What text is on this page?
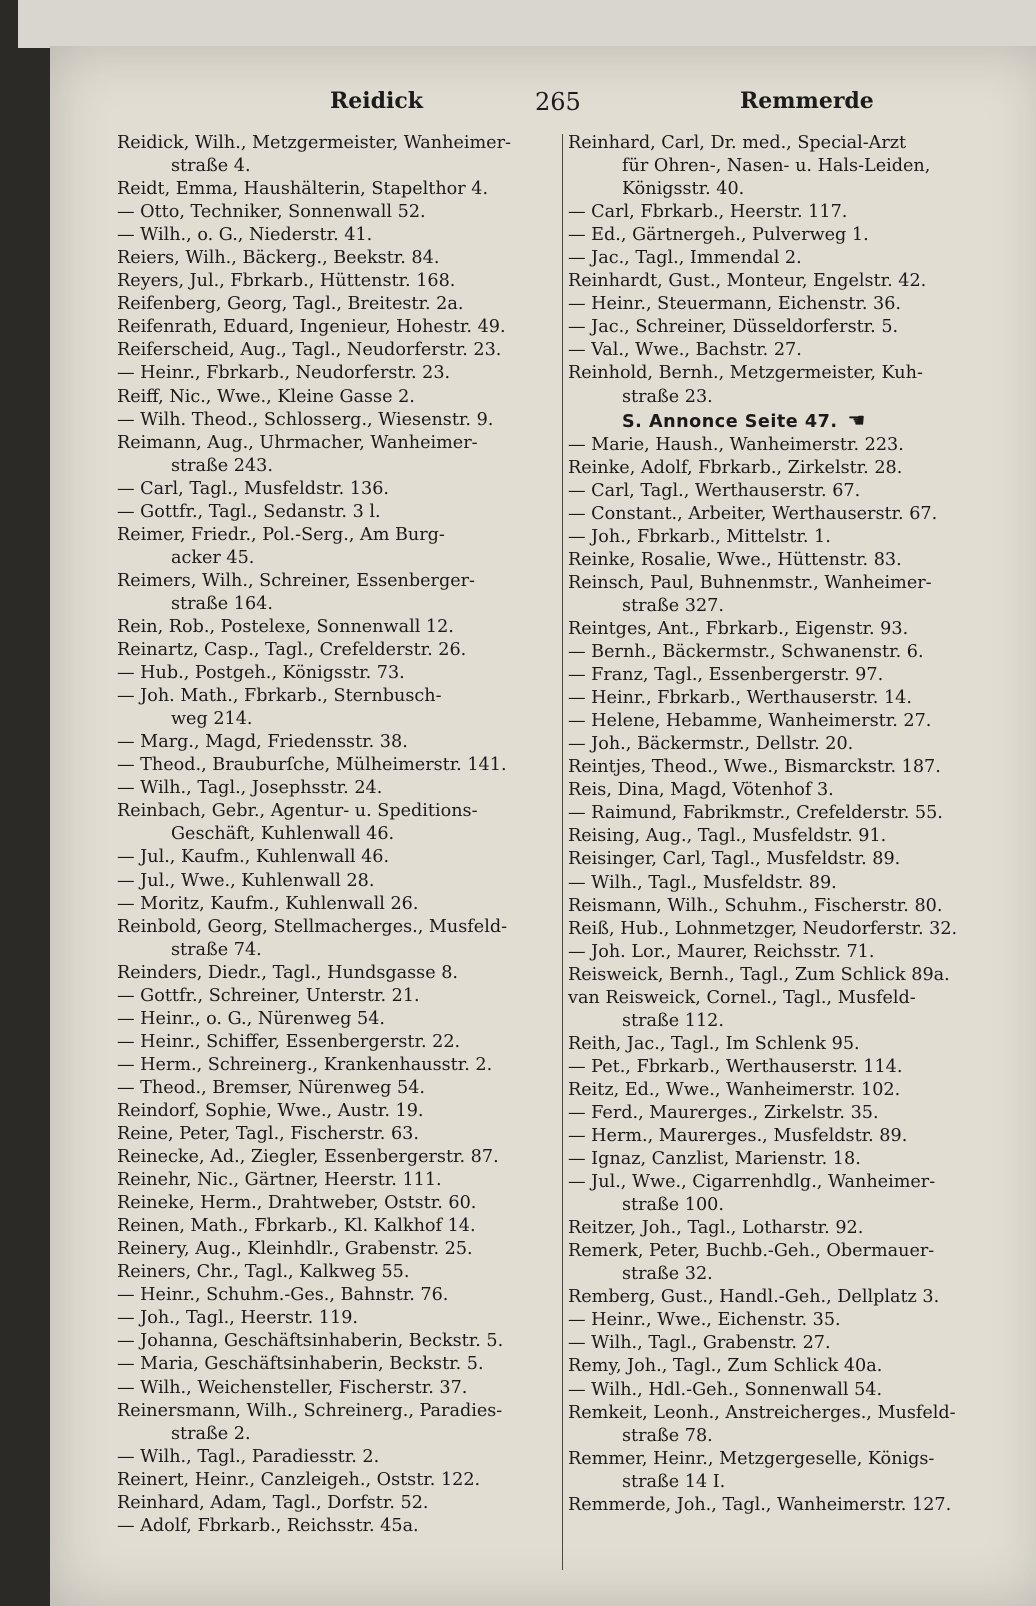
Reidick	265	Remmerde
Reidick, Wilh., Metzgermeister, Wanheimer-
straße 4.
Reidt, Emma, Haushälterin, Stapelthor 4.
— Otto, Techniker, Sonnenwall 52.
— Wilh., o. G., Niederstr. 41.
Reiers, Wilh., Bäckerg., Beekstr. 84.
Reyers, Jul., Fbrkarb., Hüttenstr. 168.
Reifenberg, Georg, Tagl., Breitestr. 2a.
Reifenrath, Eduard, Ingenieur, Hohestr. 49.
Reiferscheid, Aug., Tagl., Neudorferstr. 23.
— Heinr., Fbrkarb., Neudorferstr. 23.
Reiff, Nic., Wwe., Kleine Gasse 2.
— Wilh. Theod., Schlosserg., Wiesenstr. 9.
Reimann, Aug., Uhrmacher, Wanheimer-
straße 243.
— Carl, Tagl., Musfeldstr. 136.
— Gottfr., Tagl., Sedanstr. 3 l.
Reimer, Friedr., Pol.-Serg., Am Burg-
acker 45.
Reimers, Wilh., Schreiner, Essenberger-
straße 164.
Rein, Rob., Postelexe, Sonnenwall 12.
Reinartz, Casp., Tagl., Crefelderstr. 26.
— Hub., Postgeh., Königsstr. 73.
— Joh. Math., Fbrkarb., Sternbusch-
weg 214.
— Marg., Magd, Friedensstr. 38.
— Theod., Brauburſche, Mülheimerstr. 141.
— Wilh., Tagl., Josephsstr. 24.
Reinbach, Gebr., Agentur- u. Speditions-
Geschäft, Kuhlenwall 46.
— Jul., Kaufm., Kuhlenwall 46.
— Jul., Wwe., Kuhlenwall 28.
— Moritz, Kaufm., Kuhlenwall 26.
Reinbold, Georg, Stellmacherges., Musfeld-
straße 74.
Reinders, Diedr., Tagl., Hundsgasse 8.
— Gottfr., Schreiner, Unterstr. 21.
— Heinr., o. G., Nürenweg 54.
— Heinr., Schiffer, Essenbergerstr. 22.
— Herm., Schreinerg., Krankenhausstr. 2.
— Theod., Bremser, Nürenweg 54.
Reindorf, Sophie, Wwe., Austr. 19.
Reine, Peter, Tagl., Fischerstr. 63.
Reinecke, Ad., Ziegler, Essenbergerstr. 87.
Reinehr, Nic., Gärtner, Heerstr. 111.
Reineke, Herm., Drahtweber, Oststr. 60.
Reinen, Math., Fbrkarb., Kl. Kalkhof 14.
Reinery, Aug., Kleinhdlr., Grabenstr. 25.
Reiners, Chr., Tagl., Kalkweg 55.
— Heinr., Schuhm.-Ges., Bahnstr. 76.
— Joh., Tagl., Heerstr. 119.
— Johanna, Geschäftsinhaberin, Beckstr. 5.
— Maria, Geschäftsinhaberin, Beckstr. 5.
— Wilh., Weichensteller, Fischerstr. 37.
Reinersmann, Wilh., Schreinerg., Paradies-
straße 2.
— Wilh., Tagl., Paradiesstr. 2.
Reinert, Heinr., Canzleigeh., Oststr. 122.
Reinhard, Adam, Tagl., Dorfstr. 52.
— Adolf, Fbrkarb., Reichsstr. 45a.
Reinhard, Carl, Dr. med., Special-Arzt
für Ohren-, Nasen- u. Hals-Leiden,
Königsstr. 40.
— Carl, Fbrkarb., Heerstr. 117.
— Ed., Gärtnergeh., Pulverweg 1.
— Jac., Tagl., Immendal 2.
Reinhardt, Gust., Monteur, Engelstr. 42.
— Heinr., Steuermann, Eichenstr. 36.
— Jac., Schreiner, Düsseldorferstr. 5.
— Val., Wwe., Bachstr. 27.
Reinhold, Bernh., Metzgermeister, Kuh-
straße 23.
S. Annonce Seite 47. ☚
— Marie, Haush., Wanheimerstr. 223.
Reinke, Adolf, Fbrkarb., Zirkelstr. 28.
— Carl, Tagl., Werthauserstr. 67.
— Constant., Arbeiter, Werthauserstr. 67.
— Joh., Fbrkarb., Mittelstr. 1.
Reinke, Rosalie, Wwe., Hüttenstr. 83.
Reinsch, Paul, Buhnenmstr., Wanheimer-
straße 327.
Reintges, Ant., Fbrkarb., Eigenstr. 93.
— Bernh., Bäckermstr., Schwanenstr. 6.
— Franz, Tagl., Essenbergerstr. 97.
— Heinr., Fbrkarb., Werthauserstr. 14.
— Helene, Hebamme, Wanheimerstr. 27.
— Joh., Bäckermstr., Dellstr. 20.
Reintjes, Theod., Wwe., Bismarckstr. 187.
Reis, Dina, Magd, Vötenhof 3.
— Raimund, Fabrikmstr., Crefelderstr. 55.
Reising, Aug., Tagl., Musfeldstr. 91.
Reisinger, Carl, Tagl., Musfeldstr. 89.
— Wilh., Tagl., Musfeldstr. 89.
Reismann, Wilh., Schuhm., Fischerstr. 80.
Reiß, Hub., Lohnmetzger, Neudorferstr. 32.
— Joh. Lor., Maurer, Reichsstr. 71.
Reisweick, Bernh., Tagl., Zum Schlick 89a.
van Reisweick, Cornel., Tagl., Musfeld-
straße 112.
Reith, Jac., Tagl., Im Schlenk 95.
— Pet., Fbrkarb., Werthauserstr. 114.
Reitz, Ed., Wwe., Wanheimerstr. 102.
— Ferd., Maurerges., Zirkelstr. 35.
— Herm., Maurerges., Musfeldstr. 89.
— Ignaz, Canzlist, Marienstr. 18.
— Jul., Wwe., Cigarrenhdlg., Wanheimer-
straße 100.
Reitzer, Joh., Tagl., Lotharstr. 92.
Remerk, Peter, Buchb.-Geh., Obermauer-
straße 32.
Remberg, Gust., Handl.-Geh., Dellplatz 3.
— Heinr., Wwe., Eichenstr. 35.
— Wilh., Tagl., Grabenstr. 27.
Remy, Joh., Tagl., Zum Schlick 40a.
— Wilh., Hdl.-Geh., Sonnenwall 54.
Remkeit, Leonh., Anstreicherges., Musfeld-
straße 78.
Remmer, Heinr., Metzgergeselle, Königs-
straße 14 I.
Remmerde, Joh., Tagl., Wanheimerstr. 127.
